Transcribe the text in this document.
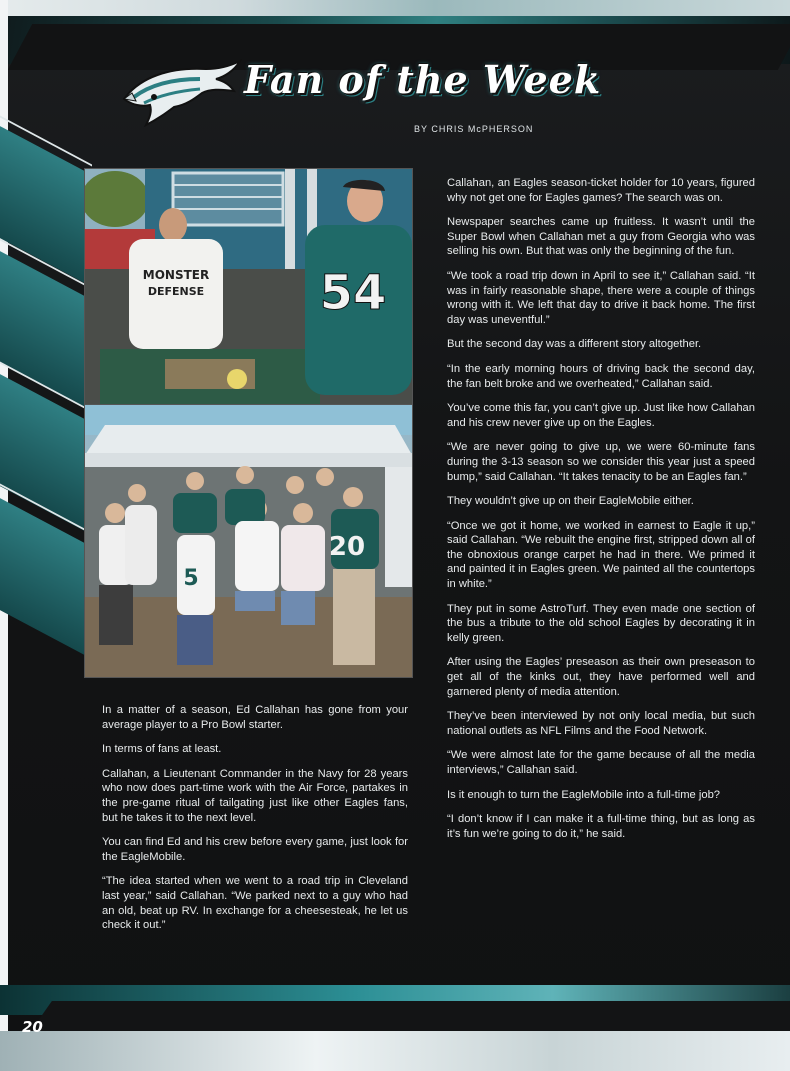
Fan of the Week
BY CHRIS McPHERSON
MONSTER
DEFENSE 54
5
20

In a matter of a season, Ed Callahan has gone from your average player to a Pro Bowl starter.

In terms of fans at least.

Callahan, a Lieutenant Commander in the Navy for 28 years who now does part-time work with the Air Force, partakes in the pre-game ritual of tailgating just like other Eagles fans, but he takes it to the next level.

You can find Ed and his crew before every game, just look for the EagleMobile.

“The idea started when we went to a road trip in Cleveland last year,” said Callahan. “We parked next to a guy who had an old, beat up RV. In exchange for a cheesesteak, he let us check it out.”

Callahan, an Eagles season-ticket holder for 10 years, figured why not get one for Eagles games? The search was on.

Newspaper searches came up fruitless. It wasn’t until the Super Bowl when Callahan met a guy from Georgia who was selling his own. But that was only the beginning of the fun.

“We took a road trip down in April to see it,” Callahan said. “It was in fairly reasonable shape, there were a couple of things wrong with it. We left that day to drive it back home. The first day was uneventful.”

But the second day was a different story altogether.

“In the early morning hours of driving back the second day, the fan belt broke and we overheated,” Callahan said.

You’ve come this far, you can’t give up. Just like how Callahan and his crew never give up on the Eagles.

“We are never going to give up, we were 60-minute fans during the 3-13 season so we consider this year just a speed bump,” said Callahan. “It takes tenacity to be an Eagles fan.”

They wouldn’t give up on their EagleMobile either.

“Once we got it home, we worked in earnest to Eagle it up,” said Callahan. “We rebuilt the engine first, stripped down all of the obnoxious orange carpet he had in there. We primed it and painted it in Eagles green. We painted all the countertops in white.”

They put in some AstroTurf. They even made one section of the bus a tribute to the old school Eagles by decorating it in kelly green.

After using the Eagles’ preseason as their own preseason to get all of the kinks out, they have performed well and garnered plenty of media attention.

They’ve been interviewed by not only local media, but such national outlets as NFL Films and the Food Network.

“We were almost late for the game because of all the media interviews,” Callahan said.

Is it enough to turn the EagleMobile into a full-time job?

“I don’t know if I can make it a full-time thing, but as long as it’s fun we’re going to do it,” he said.

20
